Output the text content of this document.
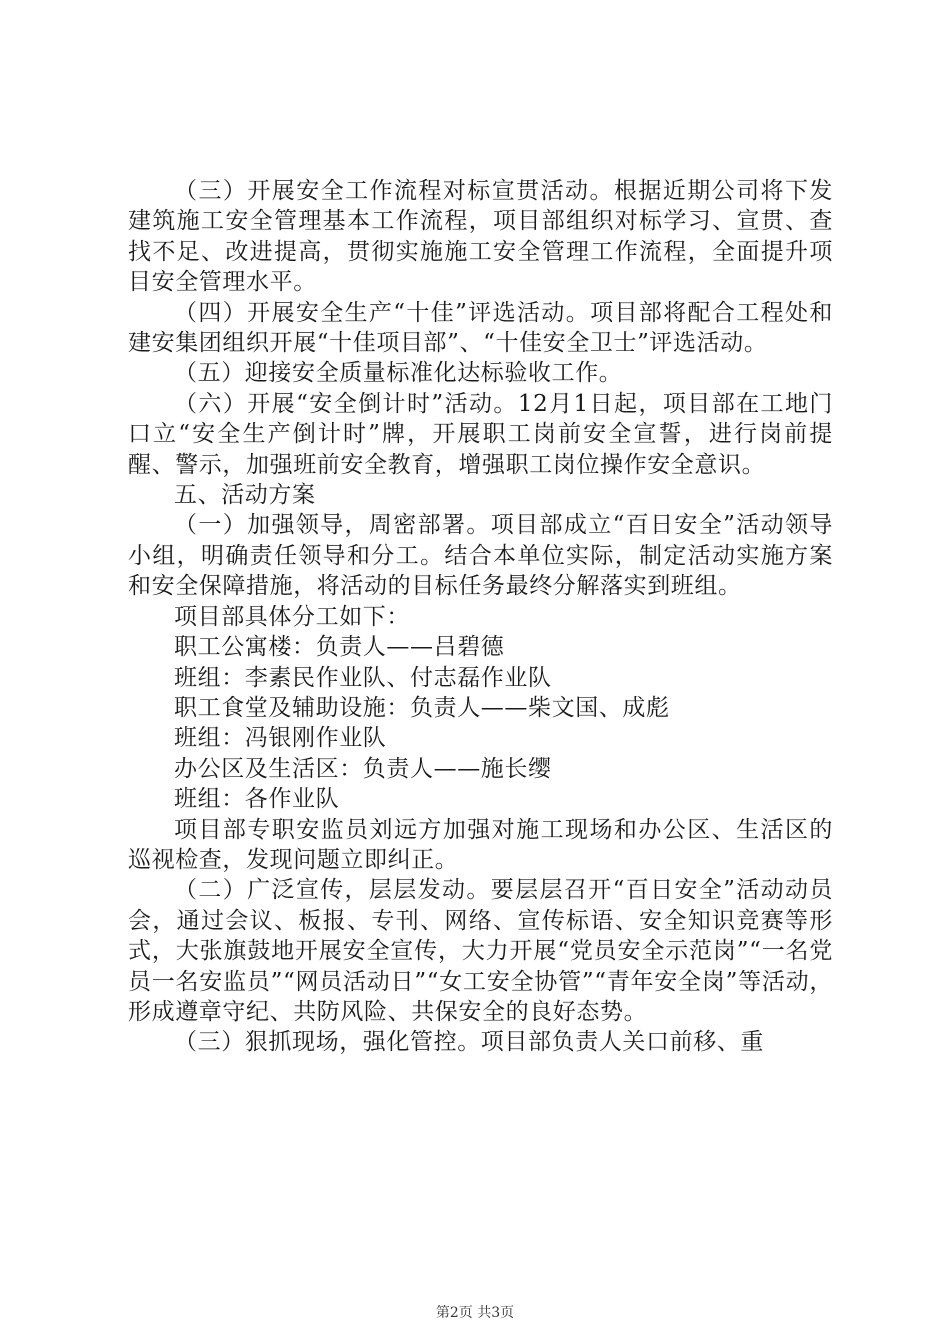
（三）开展安全工作流程对标宣贯活动。根据近期公司将下发建筑施工安全管理基本工作流程，项目部组织对标学习、宣贯、查找不足、改进提高，贯彻实施施工安全管理工作流程，全面提升项目安全管理水平。

（四）开展安全生产“十佳”评选活动。项目部将配合工程处和建安集团组织开展“十佳项目部”、“十佳安全卫士”评选活动。

（五）迎接安全质量标准化达标验收工作。

（六）开展“安全倒计时”活动。12月1日起，项目部在工地门口立“安全生产倒计时”牌，开展职工岗前安全宣誓，进行岗前提醒、警示，加强班前安全教育，增强职工岗位操作安全意识。

五、活动方案

（一）加强领导，周密部署。项目部成立“百日安全”活动领导小组，明确责任领导和分工。结合本单位实际，制定活动实施方案和安全保障措施，将活动的目标任务最终分解落实到班组。

项目部具体分工如下：

职工公寓楼：负责人——吕碧德

班组：李素民作业队、付志磊作业队

职工食堂及辅助设施：负责人——柴文国、成彪

班组：冯银刚作业队

办公区及生活区：负责人——施长缨

班组：各作业队

项目部专职安监员刘远方加强对施工现场和办公区、生活区的巡视检查，发现问题立即纠正。

（二）广泛宣传，层层发动。要层层召开“百日安全”活动动员会，通过会议、板报、专刊、网络、宣传标语、安全知识竞赛等形式，大张旗鼓地开展安全宣传，大力开展“党员安全示范岗”“一名党员一名安监员”“网员活动日”“女工安全协管”“青年安全岗”等活动，形成遵章守纪、共防风险、共保安全的良好态势。

（三）狠抓现场，强化管控。项目部负责人关口前移、重

第2页 共3页
